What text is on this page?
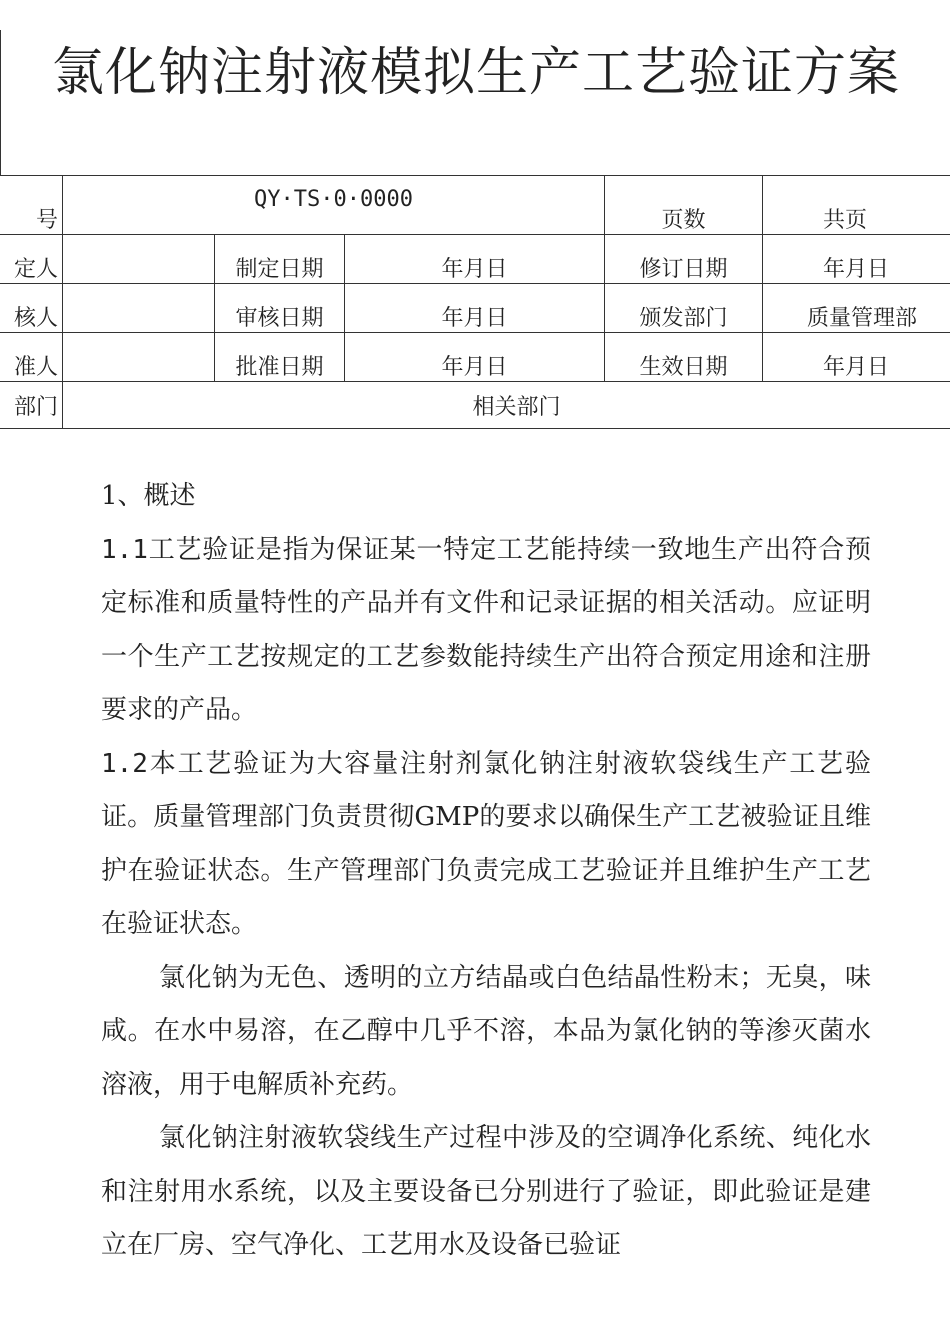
氯化钠注射液模拟生产工艺验证方案
号	QY·TS·0·0000			页数	共页
定人		制定日期	年月日	修订日期	年月日
核人		审核日期	年月日	颁发部门	质量管理部
准人		批准日期	年月日	生效日期	年月日
部门	相关部门				

1、概述

1.1工艺验证是指为保证某一特定工艺能持续一致地生产出符合预定标准和质量特性的产品并有文件和记录证据的相关活动。应证明一个生产工艺按规定的工艺参数能持续生产出符合预定用途和注册要求的产品。

1.2本工艺验证为大容量注射剂氯化钠注射液软袋线生产工艺验证。质量管理部门负责贯彻GMP的要求以确保生产工艺被验证且维护在验证状态。生产管理部门负责完成工艺验证并且维护生产工艺在验证状态。

氯化钠为无色、透明的立方结晶或白色结晶性粉末；无臭，味咸。在水中易溶，在乙醇中几乎不溶，本品为氯化钠的等渗灭菌水溶液，用于电解质补充药。

氯化钠注射液软袋线生产过程中涉及的空调净化系统、纯化水和注射用水系统，以及主要设备已分别进行了验证，即此验证是建立在厂房、空气净化、工艺用水及设备已验证
